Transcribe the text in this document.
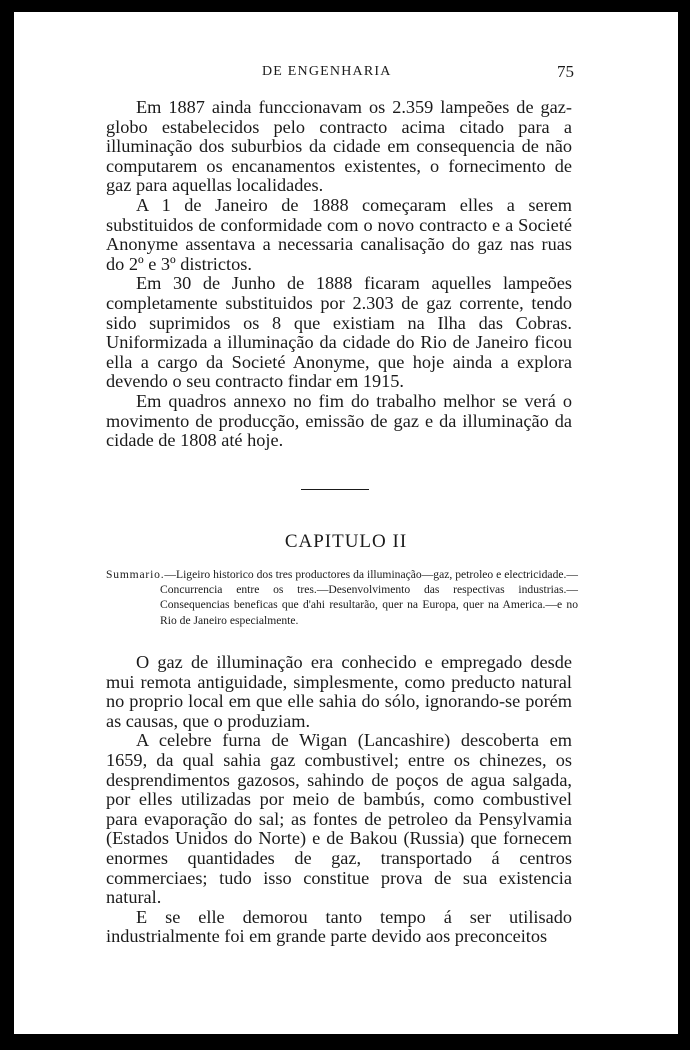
DE ENGENHARIA	75

Em 1887 ainda funccionavam os 2.359 lampeões de gaz-globo estabelecidos pelo contracto acima citado para a illuminação dos suburbios da cidade em consequencia de não computarem os encanamentos existentes, o fornecimento de gaz para aquellas localidades.

A 1 de Janeiro de 1888 começaram elles a serem substituidos de conformidade com o novo contracto e a Societé Anonyme assentava a necessaria canalisação do gaz nas ruas do 2º e 3º districtos.

Em 30 de Junho de 1888 ficaram aquelles lampeões completamente substituidos por 2.303 de gaz corrente, tendo sido suprimidos os 8 que existiam na Ilha das Cobras. Uniformizada a illuminação da cidade do Rio de Janeiro ficou ella a cargo da Societé Anonyme, que hoje ainda a explora devendo o seu contracto findar em 1915.

Em quadros annexo no fim do trabalho melhor se verá o movimento de producção, emissão de gaz e da illuminação da cidade de 1808 até hoje.

CAPITULO II
Summario.—Ligeiro historico dos tres productores da illuminação—gaz, petroleo e electricidade.—Concurrencia entre os tres.—Desenvolvimento das respectivas industrias.—Consequencias beneficas que d'ahi resultarão, quer na Europa, quer na America.—e no Rio de Janeiro especialmente.

O gaz de illuminação era conhecido e empregado desde mui remota antiguidade, simplesmente, como preducto natural no proprio local em que elle sahia do sólo, ignorando-se porém as causas, que o produziam.

A celebre furna de Wigan (Lancashire) descoberta em 1659, da qual sahia gaz combustivel; entre os chinezes, os desprendimentos gazosos, sahindo de poços de agua salgada, por elles utilizadas por meio de bambús, como combustivel para evaporação do sal; as fontes de petroleo da Pensylvamia (Estados Unidos do Norte) e de Bakou (Russia) que fornecem enormes quantidades de gaz, transportado á centros commerciaes; tudo isso constitue prova de sua existencia natural.

E se elle demorou tanto tempo á ser utilisado industrialmente foi em grande parte devido aos preconceitos
